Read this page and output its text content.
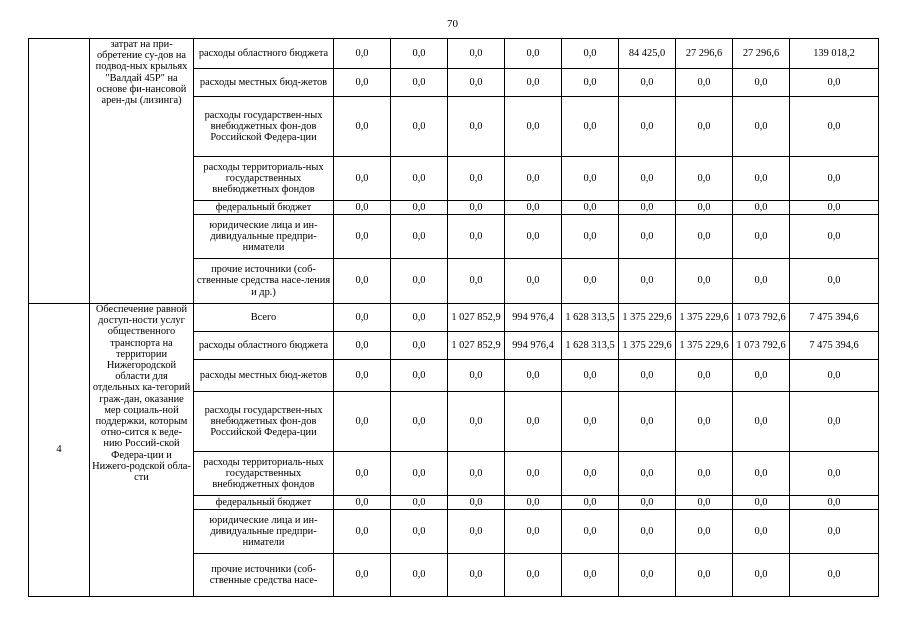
70
	затрат на при-обретение су-дов на подвод-ных крыльях "Валдай 45Р" на основе фи-нансовой арен-ды (лизинга)	расходы областного бюджета	0,0	0,0	0,0	0,0	0,0	84 425,0	27 296,6	27 296,6	139 018,2
		расходы местных бюд-жетов	0,0	0,0	0,0	0,0	0,0	0,0	0,0	0,0	0,0
		расходы государствен-ных внебюджетных фон-дов Российской Федера-ции	0,0	0,0	0,0	0,0	0,0	0,0	0,0	0,0	0,0
		расходы территориаль-ных государственных внебюджетных фондов	0,0	0,0	0,0	0,0	0,0	0,0	0,0	0,0	0,0
		федеральный бюджет	0,0	0,0	0,0	0,0	0,0	0,0	0,0	0,0	0,0
		юридические лица и ин-дивидуальные предпри-ниматели	0,0	0,0	0,0	0,0	0,0	0,0	0,0	0,0	0,0
		прочие источники (соб-ственные средства насе-ления и др.)	0,0	0,0	0,0	0,0	0,0	0,0	0,0	0,0	0,0
4	Обеспечение равной доступ-ности услуг общественного транспорта на территории Нижегородской области для отдельных ка-тегорий граж-дан, оказание мер социаль-ной поддержки, которым отно-сится к веде-нию Россий-ской Федера-ции и Нижего-родской обла-сти	Всего	0,0	0,0	1 027 852,9	994 976,4	1 628 313,5	1 375 229,6	1 375 229,6	1 073 792,6	7 475 394,6
		расходы областного бюджета	0,0	0,0	1 027 852,9	994 976,4	1 628 313,5	1 375 229,6	1 375 229,6	1 073 792,6	7 475 394,6
		расходы местных бюд-жетов	0,0	0,0	0,0	0,0	0,0	0,0	0,0	0,0	0,0
		расходы государствен-ных внебюджетных фон-дов Российской Федера-ции	0,0	0,0	0,0	0,0	0,0	0,0	0,0	0,0	0,0
		расходы территориаль-ных государственных внебюджетных фондов	0,0	0,0	0,0	0,0	0,0	0,0	0,0	0,0	0,0
		федеральный бюджет	0,0	0,0	0,0	0,0	0,0	0,0	0,0	0,0	0,0
		юридические лица и ин-дивидуальные предпри-ниматели	0,0	0,0	0,0	0,0	0,0	0,0	0,0	0,0	0,0
		прочие источники (соб-ственные средства насе-	0,0	0,0	0,0	0,0	0,0	0,0	0,0	0,0	0,0
